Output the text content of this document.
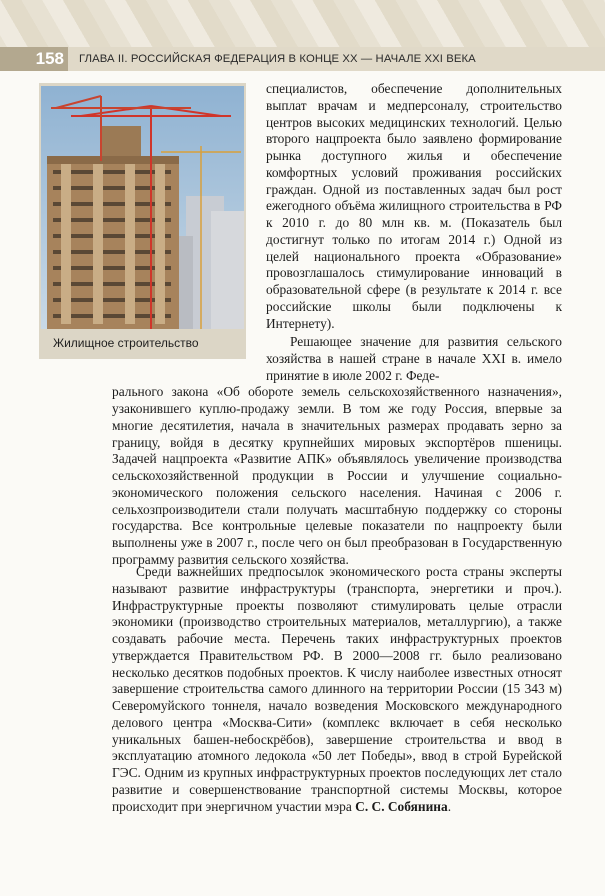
158	ГЛАВА II. РОССИЙСКАЯ ФЕДЕРАЦИЯ В КОНЦЕ XX — НАЧАЛЕ XXI ВЕКА
Жилищное строительство

специалистов, обеспечение дополнительных выплат врачам и медперсоналу, строительство центров высоких медицинских технологий. Целью второго нацпроекта было заявлено формирование рынка доступного жилья и обеспечение комфортных условий проживания российских граждан. Одной из поставленных задач был рост ежегодного объёма жилищного строительства в РФ к 2010 г. до 80 млн кв. м. (Показатель был достигнут только по итогам 2014 г.) Одной из целей национального проекта «Образование» провозглашалось стимулирование инноваций в образовательной сфере (в результате к 2014 г. все российские школы были подключены к Интернету).

Решающее значение для развития сельского хозяйства в нашей стране в начале XXI в. имело принятие в июле 2002 г. Феде-

рального закона «Об обороте земель сельскохозяйственного назначения», узаконившего куплю-продажу земли. В том же году Россия, впервые за многие десятилетия, начала в значительных размерах продавать зерно за границу, войдя в десятку крупнейших мировых экспортёров пшеницы. Задачей нацпроекта «Развитие АПК» объявлялось увеличение производства сельскохозяйственной продукции в России и улучшение социально-экономического положения сельского населения. Начиная с 2006 г. сельхозпроизводители стали получать масштабную поддержку со стороны государства. Все контрольные целевые показатели по нацпроекту были выполнены уже в 2007 г., после чего он был преобразован в Государственную программу развития сельского хозяйства.

Среди важнейших предпосылок экономического роста страны эксперты называют развитие инфраструктуры (транспорта, энергетики и проч.). Инфраструктурные проекты позволяют стимулировать целые отрасли экономики (производство строительных материалов, металлургию), а также создавать рабочие места. Перечень таких инфраструктурных проектов утверждается Правительством РФ. В 2000—2008 гг. было реализовано несколько десятков подобных проектов. К числу наиболее известных относят завершение строительства самого длинного на территории России (15 343 м) Северомуйского тоннеля, начало возведения Московского международного делового центра «Москва-Сити» (комплекс включает в себя несколько уникальных башен-небоскрёбов), завершение строительства и ввод в эксплуатацию атомного ледокола «50 лет Победы», ввод в строй Бурейской ГЭС. Одним из крупных инфраструктурных проектов последующих лет стало развитие и совершенствование транспортной системы Москвы, которое происходит при энергичном участии мэра С. С. Собянина.
